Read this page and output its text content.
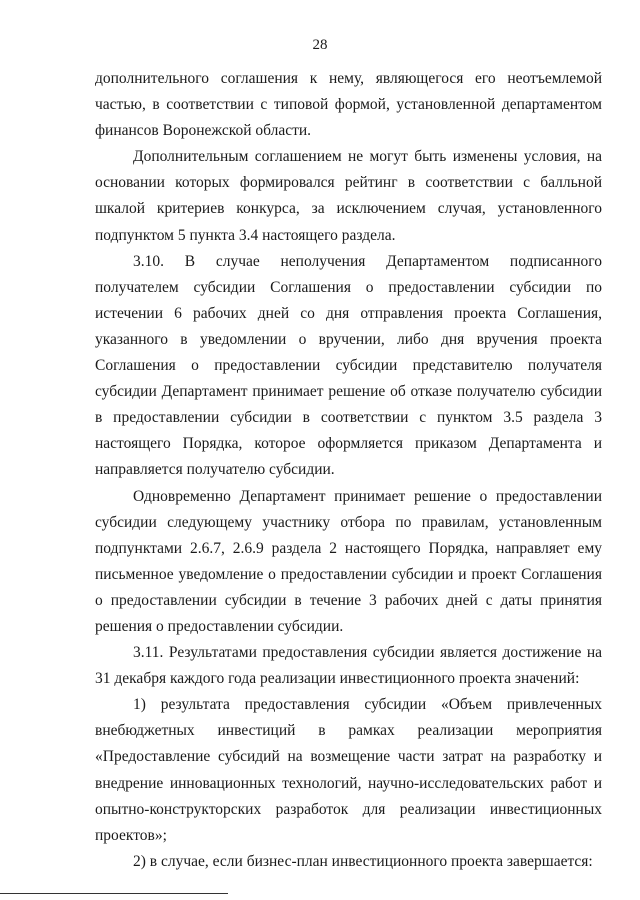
28

дополнительного соглашения к нему, являющегося его неотъемлемой частью, в соответствии с типовой формой, установленной департаментом финансов Воронежской области.

Дополнительным соглашением не могут быть изменены условия, на основании которых формировался рейтинг в соответствии с балльной шкалой критериев конкурса, за исключением случая, установленного подпунктом 5 пункта 3.4 настоящего раздела.

3.10. В случае неполучения Департаментом подписанного получателем субсидии Соглашения о предоставлении субсидии по истечении 6 рабочих дней со дня отправления проекта Соглашения, указанного в уведомлении о вручении, либо дня вручения проекта Соглашения о предоставлении субсидии представителю получателя субсидии Департамент принимает решение об отказе получателю субсидии в предоставлении субсидии в соответствии с пунктом 3.5 раздела 3 настоящего Порядка, которое оформляется приказом Департамента и направляется получателю субсидии.

Одновременно Департамент принимает решение о предоставлении субсидии следующему участнику отбора по правилам, установленным подпунктами 2.6.7, 2.6.9 раздела 2 настоящего Порядка, направляет ему письменное уведомление о предоставлении субсидии и проект Соглашения о предоставлении субсидии в течение 3 рабочих дней с даты принятия решения о предоставлении субсидии.

3.11. Результатами предоставления субсидии является достижение на 31 декабря каждого года реализации инвестиционного проекта значений:

1) результата предоставления субсидии «Объем привлеченных внебюджетных инвестиций в рамках реализации мероприятия «Предоставление субсидий на возмещение части затрат на разработку и внедрение инновационных технологий, научно-исследовательских работ и опытно-конструкторских разработок для реализации инвестиционных проектов»;

2) в случае, если бизнес-план инвестиционного проекта завершается:
